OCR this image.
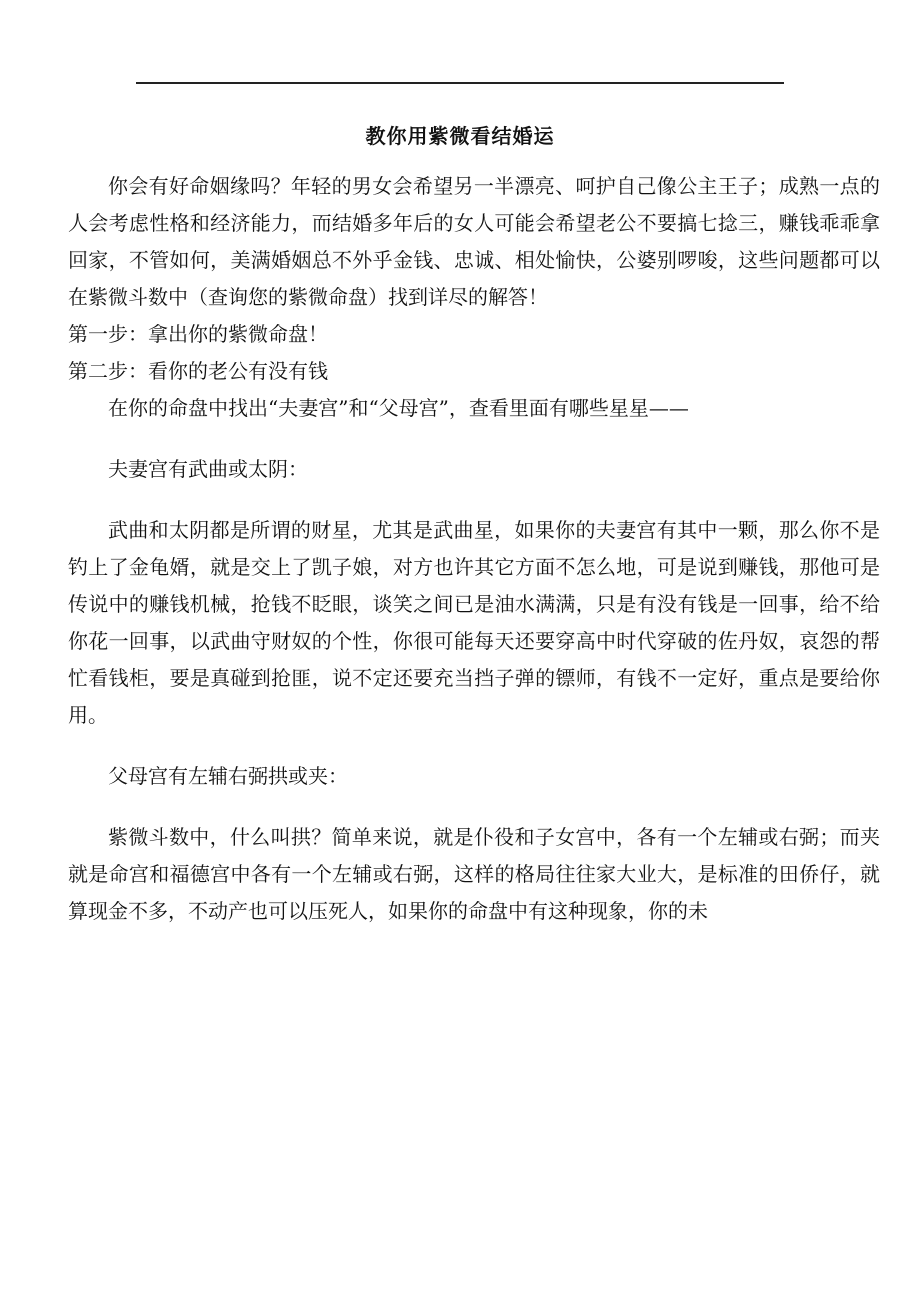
教你用紫微看结婚运

你会有好命姻缘吗？年轻的男女会希望另一半漂亮、呵护自己像公主王子；成熟一点的人会考虑性格和经济能力，而结婚多年后的女人可能会希望老公不要搞七捻三，赚钱乖乖拿回家，不管如何，美满婚姻总不外乎金钱、忠诚、相处愉快，公婆别啰唆，这些问题都可以在紫微斗数中（查询您的紫微命盘）找到详尽的解答！

第一步：拿出你的紫微命盘！

第二步：看你的老公有没有钱

在你的命盘中找出“夫妻宫”和“父母宫”，查看里面有哪些星星——

夫妻宫有武曲或太阴：

武曲和太阴都是所谓的财星，尤其是武曲星，如果你的夫妻宫有其中一颗，那么你不是钓上了金龟婿，就是交上了凯子娘，对方也许其它方面不怎么地，可是说到赚钱，那他可是传说中的赚钱机械，抢钱不眨眼，谈笑之间已是油水满满，只是有没有钱是一回事，给不给你花一回事，以武曲守财奴的个性，你很可能每天还要穿高中时代穿破的佐丹奴，哀怨的帮忙看钱柜，要是真碰到抢匪，说不定还要充当挡子弹的镖师，有钱不一定好，重点是要给你用。

父母宫有左辅右弼拱或夹：

紫微斗数中，什么叫拱？简单来说，就是仆役和子女宫中，各有一个左辅或右弼；而夹就是命宫和福德宫中各有一个左辅或右弼，这样的格局往往家大业大，是标准的田侨仔，就算现金不多，不动产也可以压死人，如果你的命盘中有这种现象，你的未
